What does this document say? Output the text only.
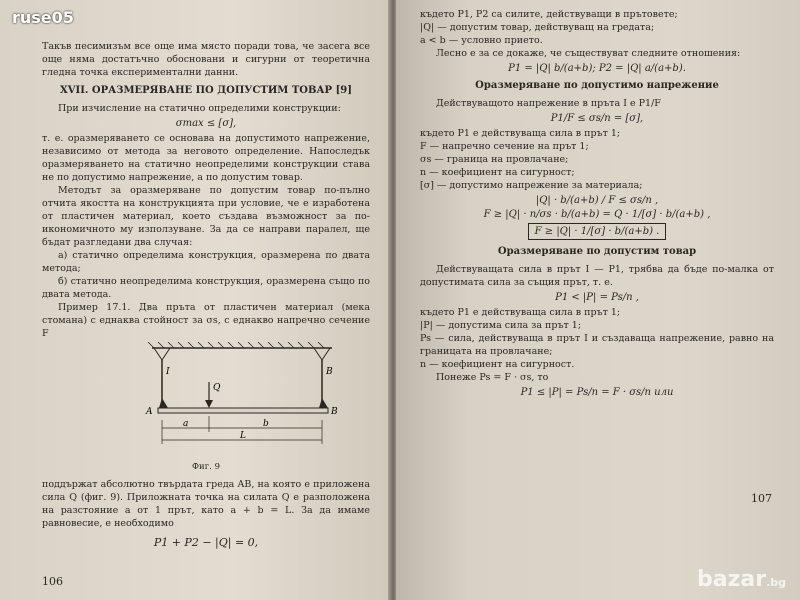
Такъв песимизъм все още има място поради това, че засега все още няма достатъчно обосновани и сигурни от теоретична гледна точка експериментални данни.

XVII. ОРАЗМЕРЯВАНЕ ПО ДОПУСТИМ ТОВАР [9]

При изчисление на статично определими конструкции:

σmax ≤ [σ],

т. е. оразмеряването се основава на допустимото напрежение, независимо от метода за неговото определение. Напоследък оразмеряването на статично неопределими конструкции става не по допустимо напрежение, а по допустим товар.

Методът за оразмеряване по допустим товар по-пълно отчита якостта на конструкцията при условие, че е изработена от пластичен материал, което създава възможност за по-икономичното му използуване. За да се направи паралел, ще бъдат разгледани два случая:

а) статично определима конструкция, оразмерена по двата метода;

б) статично неопределима конструкция, оразмерена също по двата метода.

Пример 17.1. Два пръта от пластичен материал (мека стомана) с еднаква стойност за σs, с еднакво напречно сечение F

I	B
Q
A	B
a	b
L
Фиг. 9

поддържат абсолютно твърдата греда AB, на която е приложена сила Q (фиг. 9). Приложната точка на силата Q е разположена на разстояние a от 1 прът, като a + b = L. За да имаме равновесие, е необходимо

P1 + P2 − |Q| = 0,
106
където P1, P2 са силите, действуващи в прътовете;
|Q| — допустим товар, действуващ на гредата;
a < b — условно прието.

Лесно е за се докаже, че съществуват следните отношения:

P1 = |Q| b/(a+b); P2 = |Q| a/(a+b).
Оразмеряване по допустимо напрежение

Действуващото напрежение в пръта I е P1/F

P1/F ≤ σs/n = [σ],
където P1 е действуваща сила в прът 1;
F — напречно сечение на прът 1;
σs — граница на провлачане;
n — коефициент на сигурност;
[σ] — допустимо напрежение за материала;
|Q| · b/(a+b) / F ≤ σs/n ,
F ≥ |Q| · n/σs · b/(a+b) = Q · 1/[σ] · b/(a+b) ,
F ≥ |Q| · 1/[σ] · b/(a+b) .
Оразмеряване по допустим товар

Действуващата сила в прът I — P1, трябва да бъде по-малка от допустимата сила за същия прът, т. е.

P1 < |P| = Ps/n ,
където P1 е действуваща сила в прът 1;
|P| — допустима сила за прът 1;

Ps — сила, действуваща в прът I и създаваща напрежение, равно на границата на провлачане;

n — коефициент на сигурност.

Понеже Ps = F · σs, то

P1 ≤ |P| = Ps/n = F · σs/n или
107
ruse05
bazar.bg
